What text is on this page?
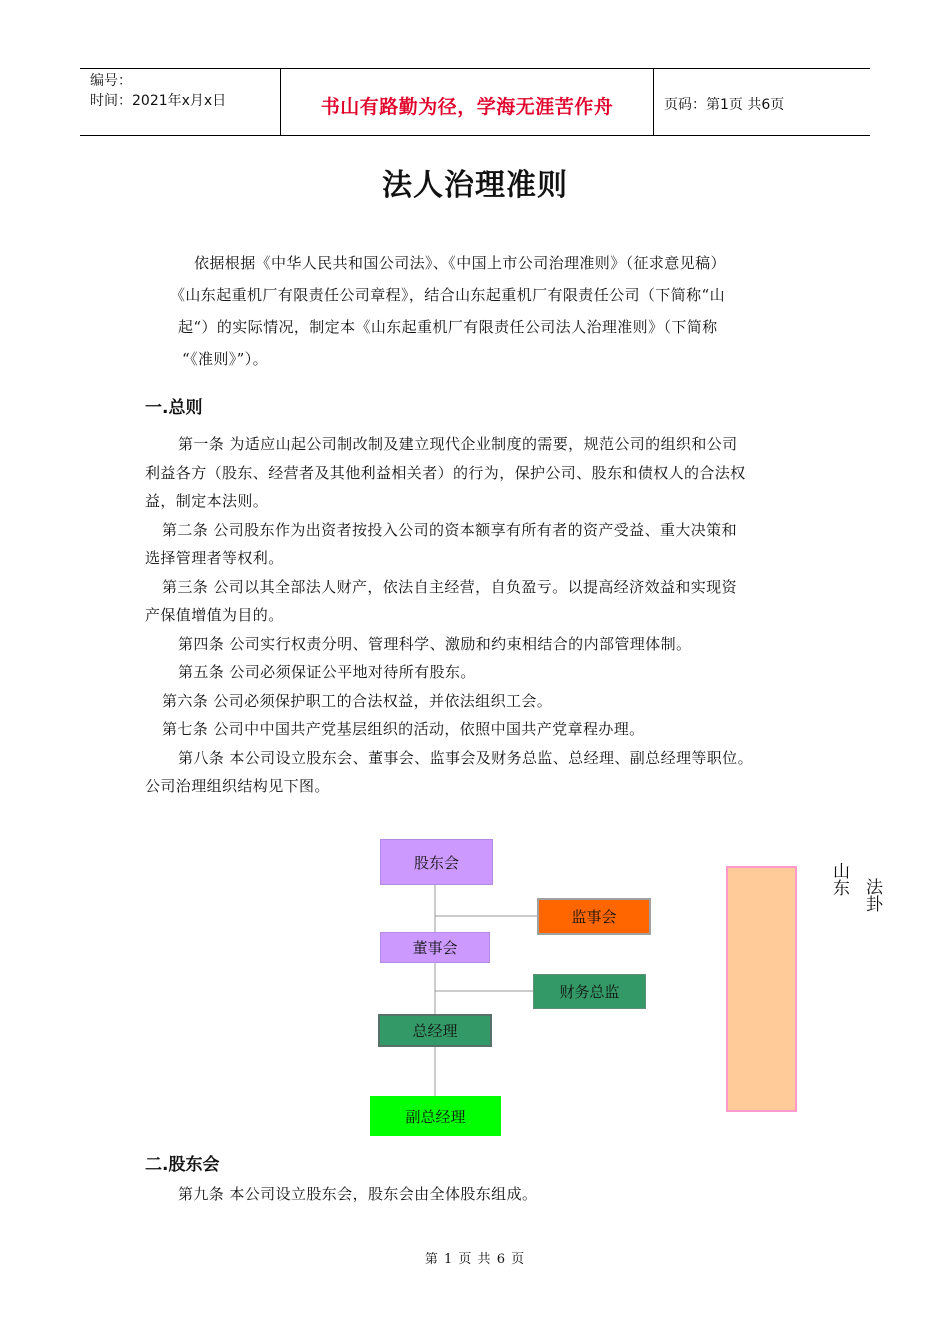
编号：
时间：2021年x月x日	书山有路勤为径，学海无涯苦作舟	页码：第1页 共6页
法人治理准则

依据根据《中华人民共和国公司法》、《中国上市公司治理准则》（征求意见稿）

《山东起重机厂有限责任公司章程》，结合山东起重机厂有限责任公司（下简称“山

起“）的实际情况，制定本《山东起重机厂有限责任公司法人治理准则》（下简称

“《准则》”）。

一.总则

第一条 为适应山起公司制改制及建立现代企业制度的需要，规范公司的组织和公司

利益各方（股东、经营者及其他利益相关者）的行为，保护公司、股东和债权人的合法权

益，制定本法则。

第二条 公司股东作为出资者按投入公司的资本额享有所有者的资产受益、重大决策和

选择管理者等权利。

第三条 公司以其全部法人财产，依法自主经营，自负盈亏。以提高经济效益和实现资

产保值增值为目的。

第四条 公司实行权责分明、管理科学、激励和约束相结合的内部管理体制。

第五条 公司必须保证公平地对待所有股东。

第六条 公司必须保护职工的合法权益，并依法组织工会。

第七条 公司中中国共产党基层组织的活动，依照中国共产党章程办理。

第八条 本公司设立股东会、董事会、监事会及财务总监、总经理、副总经理等职位。

公司治理组织结构见下图。

股东会
监事会
董事会
财务总监
总经理
副总经理
山东 法卦
二.股东会

第九条 本公司设立股东会，股东会由全体股东组成。

第 1 页 共 6 页
